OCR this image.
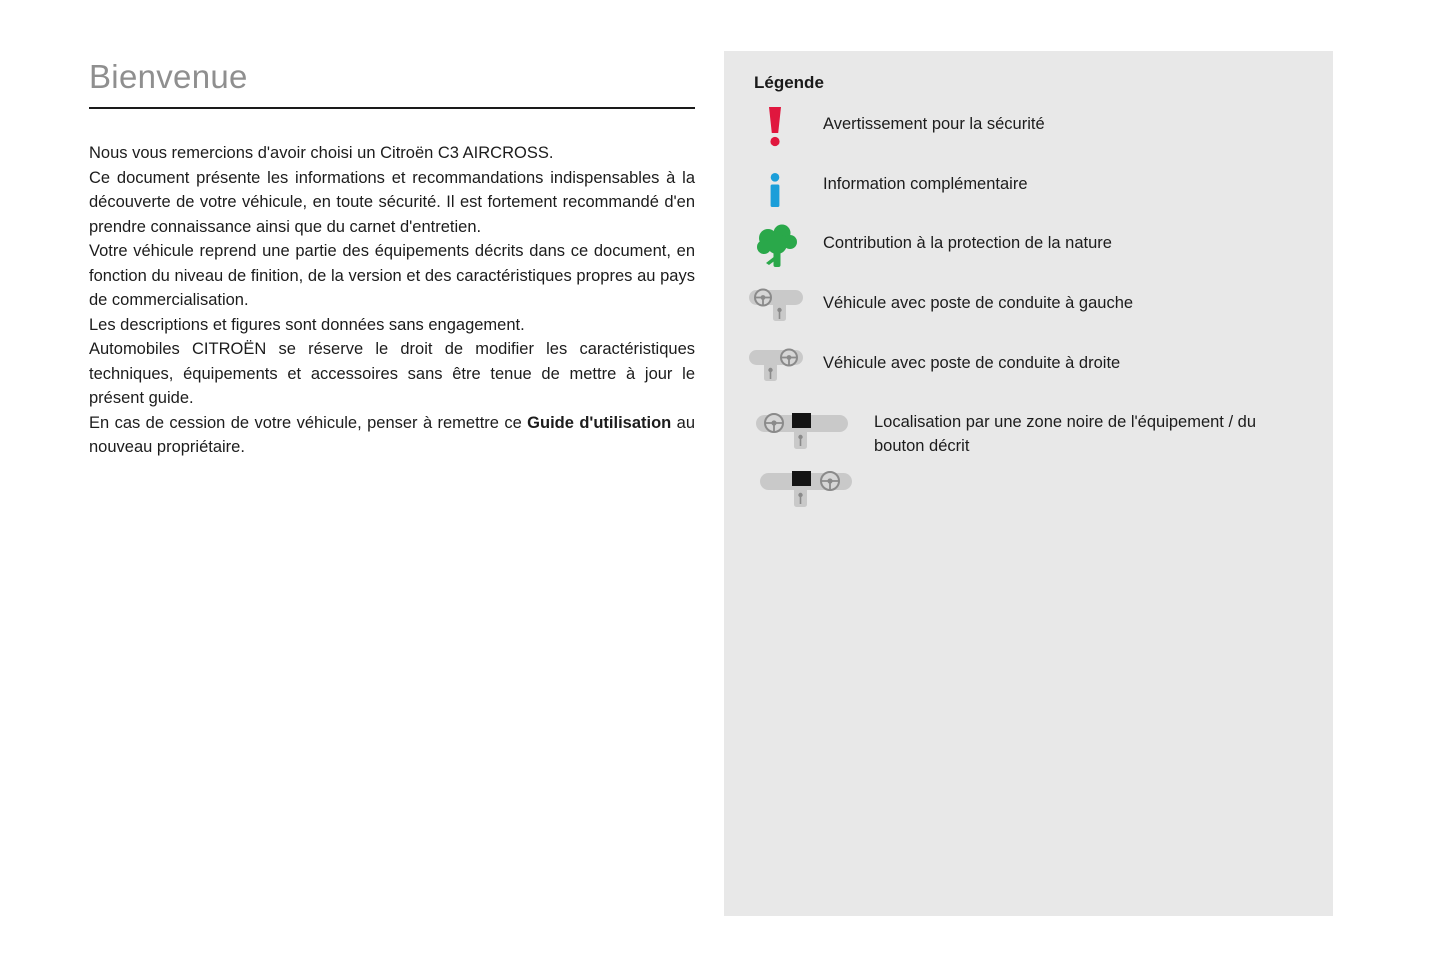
Bienvenue

Nous vous remercions d'avoir choisi un Citroën C3 AIRCROSS.

Ce document présente les informations et recommandations indispensables à la découverte de votre véhicule, en toute sécurité. Il est fortement recommandé d'en prendre connaissance ainsi que du carnet d'entretien.

Votre véhicule reprend une partie des équipements décrits dans ce document, en fonction du niveau de finition, de la version et des caractéristiques propres au pays de commercialisation.

Les descriptions et figures sont données sans engagement.

Automobiles CITROËN se réserve le droit de modifier les caractéristiques techniques, équipements et accessoires sans être tenue de mettre à jour le présent guide.

En cas de cession de votre véhicule, penser à remettre ce Guide d'utilisation au nouveau propriétaire.

Légende
Avertissement pour la sécurité
Information complémentaire
Contribution à la protection de la nature
Véhicule avec poste de conduite à gauche
Véhicule avec poste de conduite à droite
Localisation par une zone noire de l'équipement / du bouton décrit
